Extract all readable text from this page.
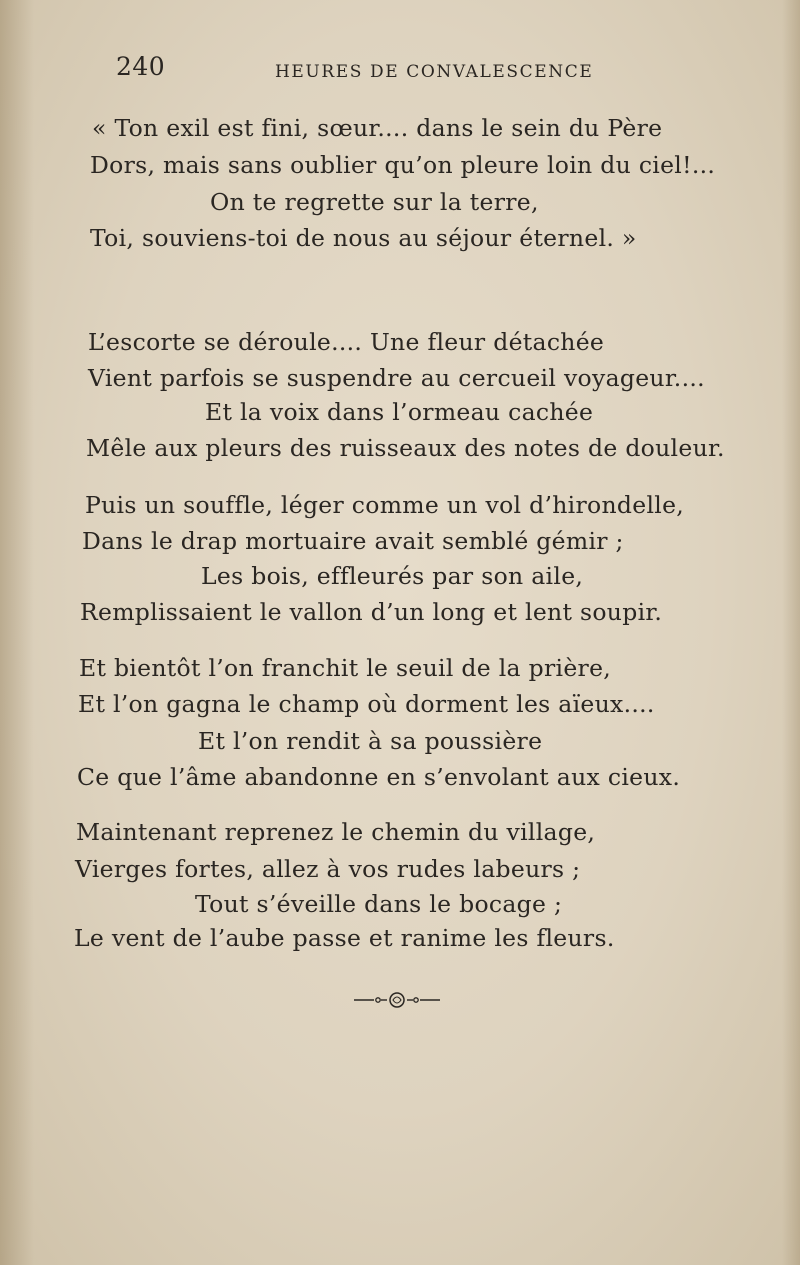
240	HEURES DE CONVALESCENCE
« Ton exil est fini, sœur.... dans le sein du Père
Dors, mais sans oublier qu’on pleure loin du ciel!...
On te regrette sur la terre,
Toi, souviens-toi de nous au séjour éternel. »
L’escorte se déroule.... Une fleur détachée
Vient parfois se suspendre au cercueil voyageur....
Et la voix dans l’ormeau cachée
Mêle aux pleurs des ruisseaux des notes de douleur.
Puis un souffle, léger comme un vol d’hirondelle,
Dans le drap mortuaire avait semblé gémir ;
Les bois, effleurés par son aile,
Remplissaient le vallon d’un long et lent soupir.
Et bientôt l’on franchit le seuil de la prière,
Et l’on gagna le champ où dorment les aïeux....
Et l’on rendit à sa poussière
Ce que l’âme abandonne en s’envolant aux cieux.
Maintenant reprenez le chemin du village,
Vierges fortes, allez à vos rudes labeurs ;
Tout s’éveille dans le bocage ;
Le vent de l’aube passe et ranime les fleurs.
